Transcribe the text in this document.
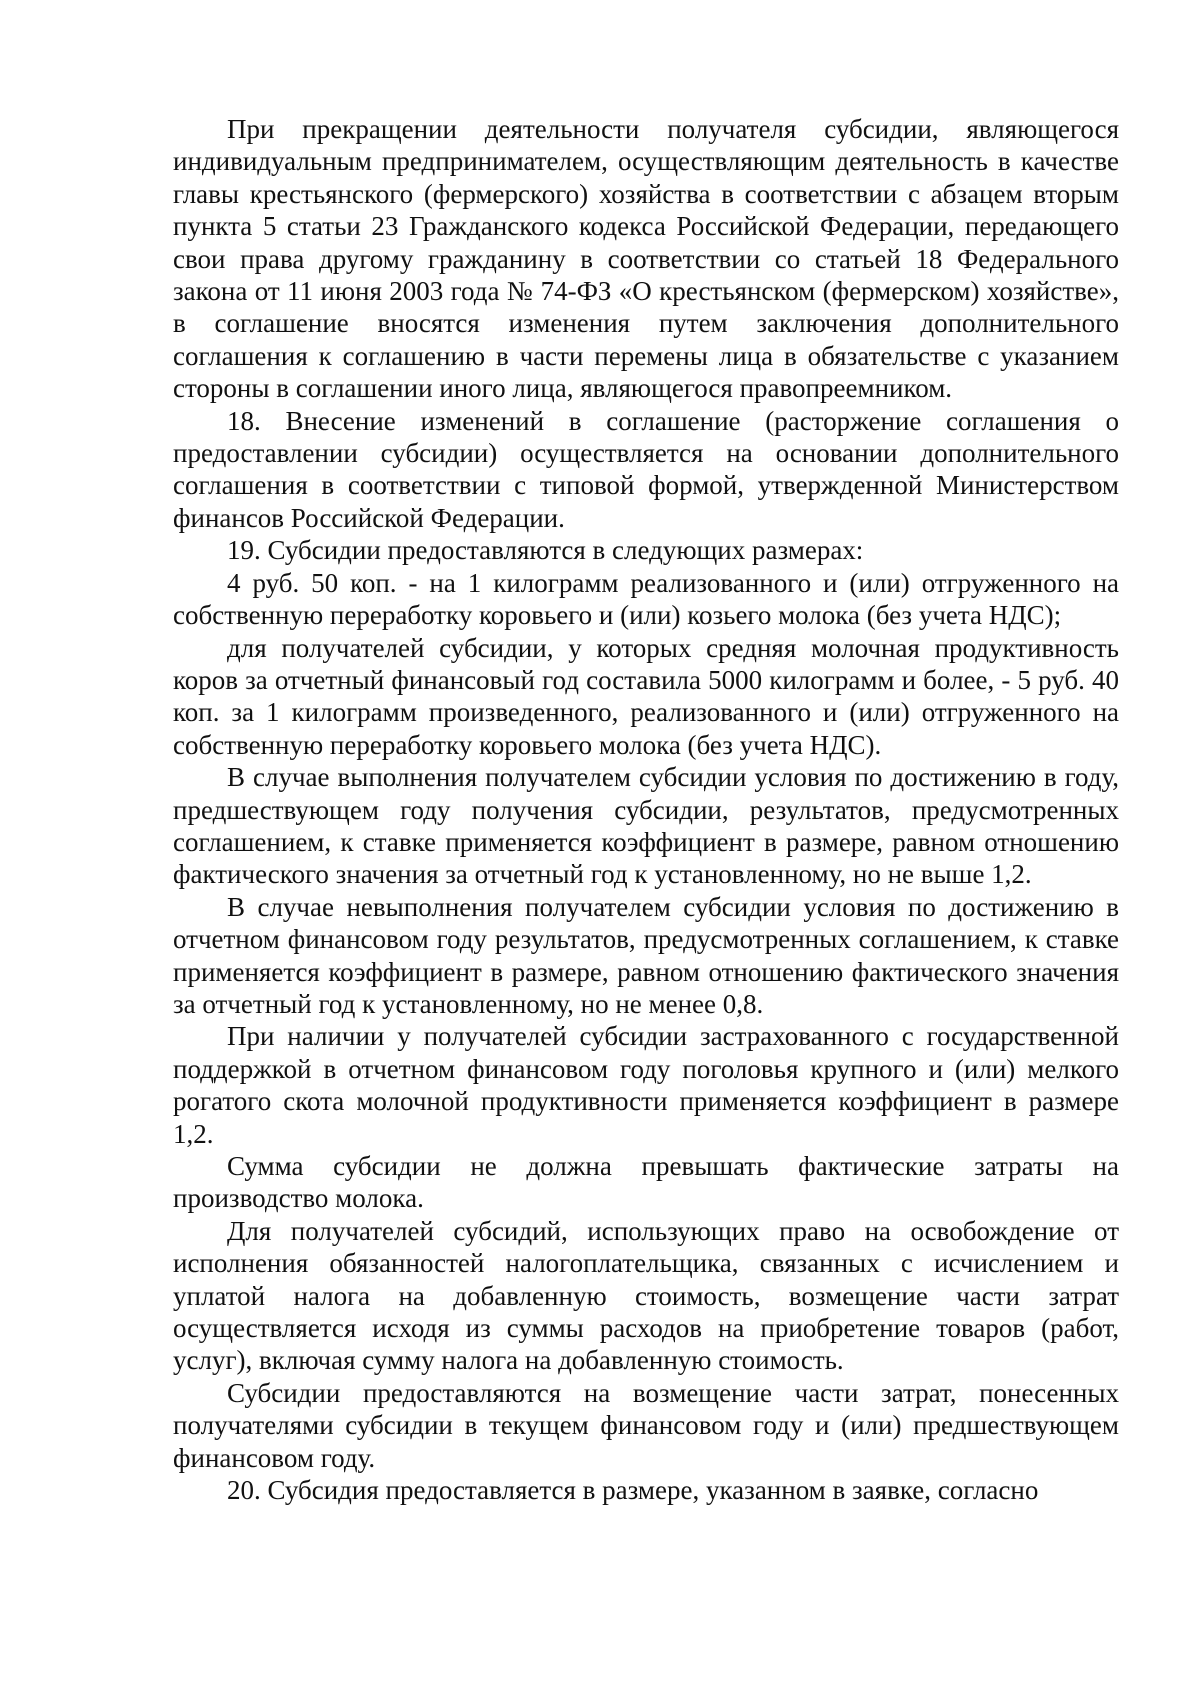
При прекращении деятельности получателя субсидии, являющегося индивидуальным предпринимателем, осуществляющим деятельность в качестве главы крестьянского (фермерского) хозяйства в соответствии с абзацем вторым пункта 5 статьи 23 Гражданского кодекса Российской Федерации, передающего свои права другому гражданину в соответствии со статьей 18 Федерального закона от 11 июня 2003 года № 74-ФЗ «О крестьянском (фермерском) хозяйстве», в соглашение вносятся изменения путем заключения дополнительного соглашения к соглашению в части перемены лица в обязательстве с указанием стороны в соглашении иного лица, являющегося правопреемником.

18. Внесение изменений в соглашение (расторжение соглашения о предоставлении субсидии) осуществляется на основании дополнительного соглашения в соответствии с типовой формой, утвержденной Министерством финансов Российской Федерации.

19. Субсидии предоставляются в следующих размерах:

4 руб. 50 коп. - на 1 килограмм реализованного и (или) отгруженного на собственную переработку коровьего и (или) козьего молока (без учета НДС);

для получателей субсидии, у которых средняя молочная продуктивность коров за отчетный финансовый год составила 5000 килограмм и более, - 5 руб. 40 коп. за 1 килограмм произведенного, реализованного и (или) отгруженного на собственную переработку коровьего молока (без учета НДС).

В случае выполнения получателем субсидии условия по достижению в году, предшествующем году получения субсидии, результатов, предусмотренных соглашением, к ставке применяется коэффициент в размере, равном отношению фактического значения за отчетный год к установленному, но не выше 1,2.

В случае невыполнения получателем субсидии условия по достижению в отчетном финансовом году результатов, предусмотренных соглашением, к ставке применяется коэффициент в размере, равном отношению фактического значения за отчетный год к установленному, но не менее 0,8.

При наличии у получателей субсидии застрахованного с государственной поддержкой в отчетном финансовом году поголовья крупного и (или) мелкого рогатого скота молочной продуктивности применяется коэффициент в размере 1,2.

Сумма субсидии не должна превышать фактические затраты на производство молока.

Для получателей субсидий, использующих право на освобождение от исполнения обязанностей налогоплательщика, связанных с исчислением и уплатой налога на добавленную стоимость, возмещение части затрат осуществляется исходя из суммы расходов на приобретение товаров (работ, услуг), включая сумму налога на добавленную стоимость.

Субсидии предоставляются на возмещение части затрат, понесенных получателями субсидии в текущем финансовом году и (или) предшествующем финансовом году.

20. Субсидия предоставляется в размере, указанном в заявке, согласно
